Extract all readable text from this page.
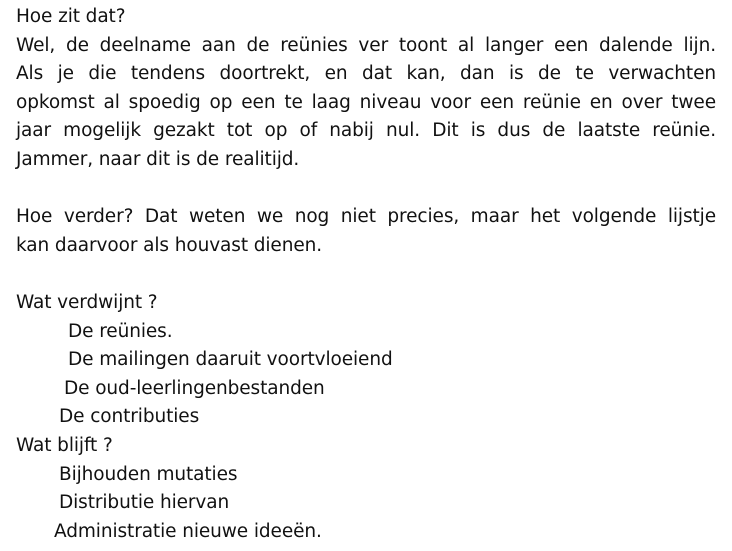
Hoe zit dat?
Wel, de deelname aan de reünies ver toont al langer een dalende lijn.
Als je die tendens doortrekt, en dat kan, dan is de te verwachten
opkomst al spoedig op een te laag niveau voor een reünie en over twee
jaar mogelijk gezakt tot op of nabij nul. Dit is dus de laatste reünie.
Jammer, naar dit is de realitijd.
Hoe verder? Dat weten we nog niet precies, maar het volgende lijstje
kan daarvoor als houvast dienen.
Wat verdwijnt ?
De reünies.
De mailingen daaruit voortvloeiend
De oud-leerlingenbestanden
De contributies
Wat blijft ?
Bijhouden mutaties
Distributie hiervan
Administratie nieuwe ideeën.
